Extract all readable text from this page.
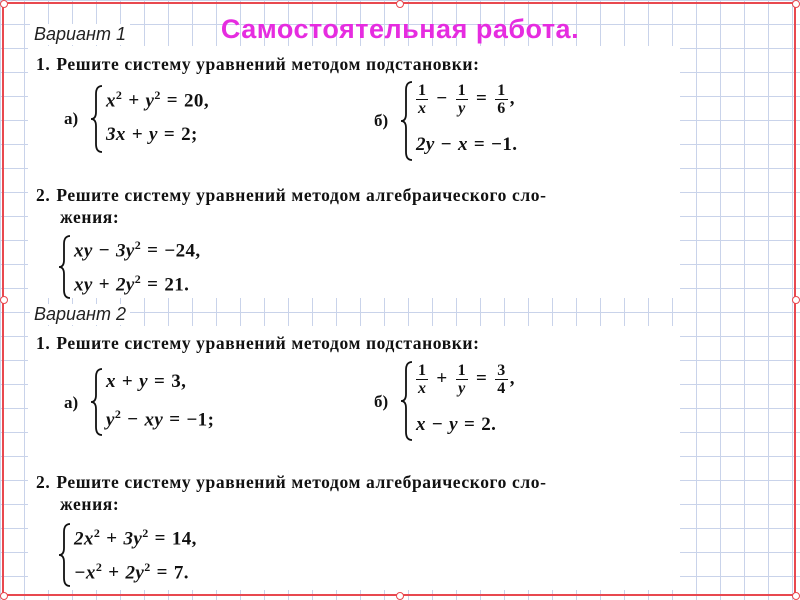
Самостоятельная работа.
Вариант 1
1. Решите систему уравнений методом подстановки:
а)
$x^2 + y^2 = 20$,
3x + y = 2;
б)
$\frac{1}{x} - \frac{1}{y} = \frac{1}{6}$ ,
2y − x = −1.
2. Решите систему уравнений методом алгебраического сло-
жения:
xy − $3y^2 = -24$,
xy + $2y^2 = 21$.
Вариант 2
1. Решите систему уравнений методом подстановки:
а)
x + y = 3,
$y^2$ − xy = −1;
б)
$\frac{1}{x} + \frac{1}{y} = \frac{3}{4}$ ,
x − y = 2.
2. Решите систему уравнений методом алгебраического сло-
жения:
$2x^2 + 3y^2 = 14$,
$-x^2 + 2y^2 = 7$.
